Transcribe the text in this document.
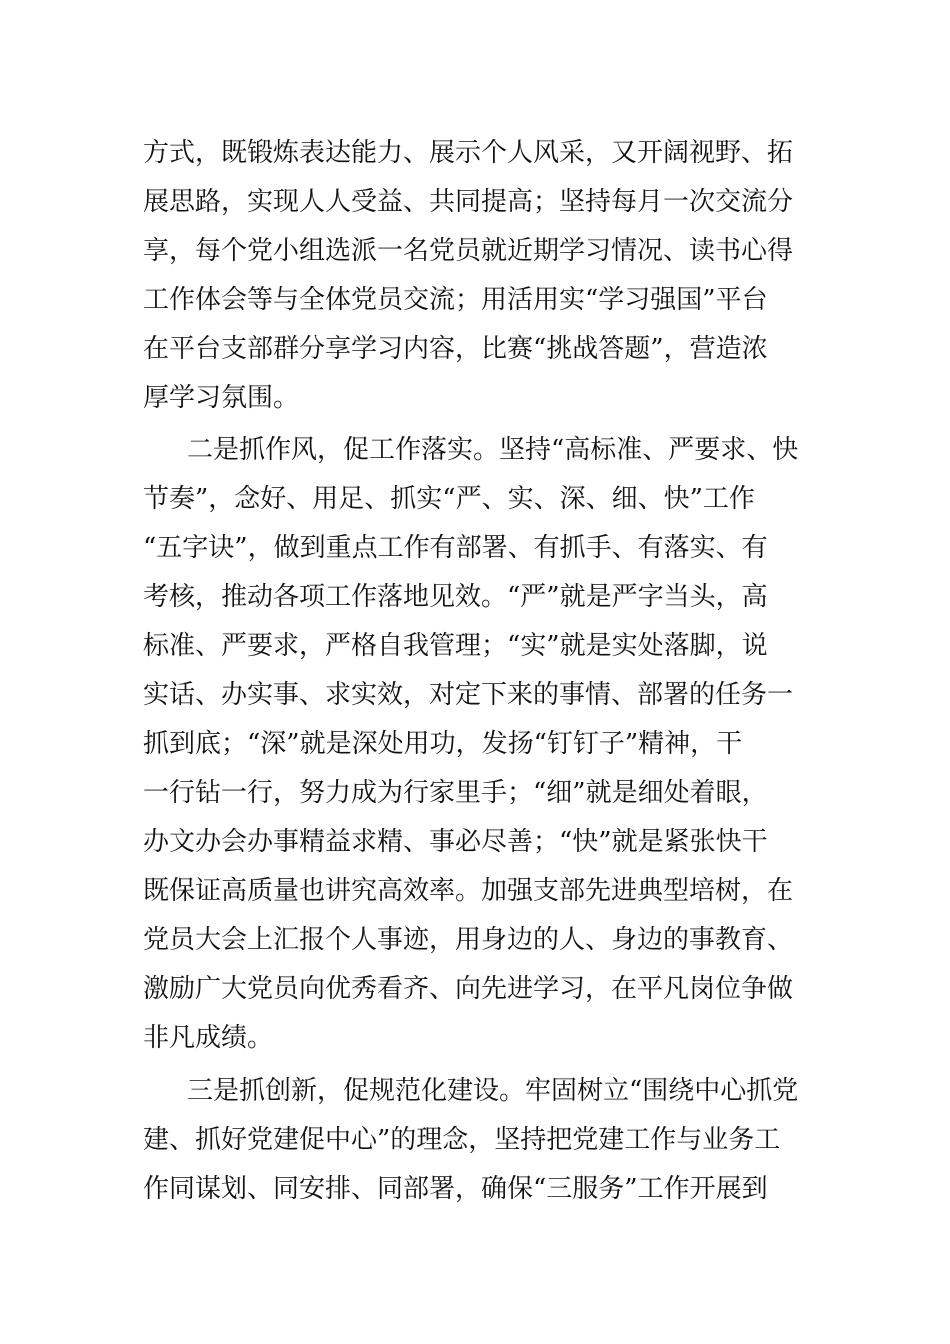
方式，既锻炼表达能力、展示个人风采，又开阔视野、拓
展思路，实现人人受益、共同提高；坚持每月一次交流分
享，每个党小组选派一名党员就近期学习情况、读书心得
工作体会等与全体党员交流；用活用实“学习强国”平台
在平台支部群分享学习内容，比赛“挑战答题”，营造浓
厚学习氛围。
二是抓作风，促工作落实。坚持“高标准、严要求、快
节奏”，念好、用足、抓实“严、实、深、细、快”工作
“五字诀”，做到重点工作有部署、有抓手、有落实、有
考核，推动各项工作落地见效。“严”就是严字当头，高
标准、严要求，严格自我管理；“实”就是实处落脚，说
实话、办实事、求实效，对定下来的事情、部署的任务一
抓到底；“深”就是深处用功，发扬“钉钉子”精神，干
一行钻一行，努力成为行家里手；“细”就是细处着眼，
办文办会办事精益求精、事必尽善；“快”就是紧张快干
既保证高质量也讲究高效率。加强支部先进典型培树，在
党员大会上汇报个人事迹，用身边的人、身边的事教育、
激励广大党员向优秀看齐、向先进学习，在平凡岗位争做
非凡成绩。
三是抓创新，促规范化建设。牢固树立“围绕中心抓党
建、抓好党建促中心”的理念，坚持把党建工作与业务工
作同谋划、同安排、同部署，确保“三服务”工作开展到
